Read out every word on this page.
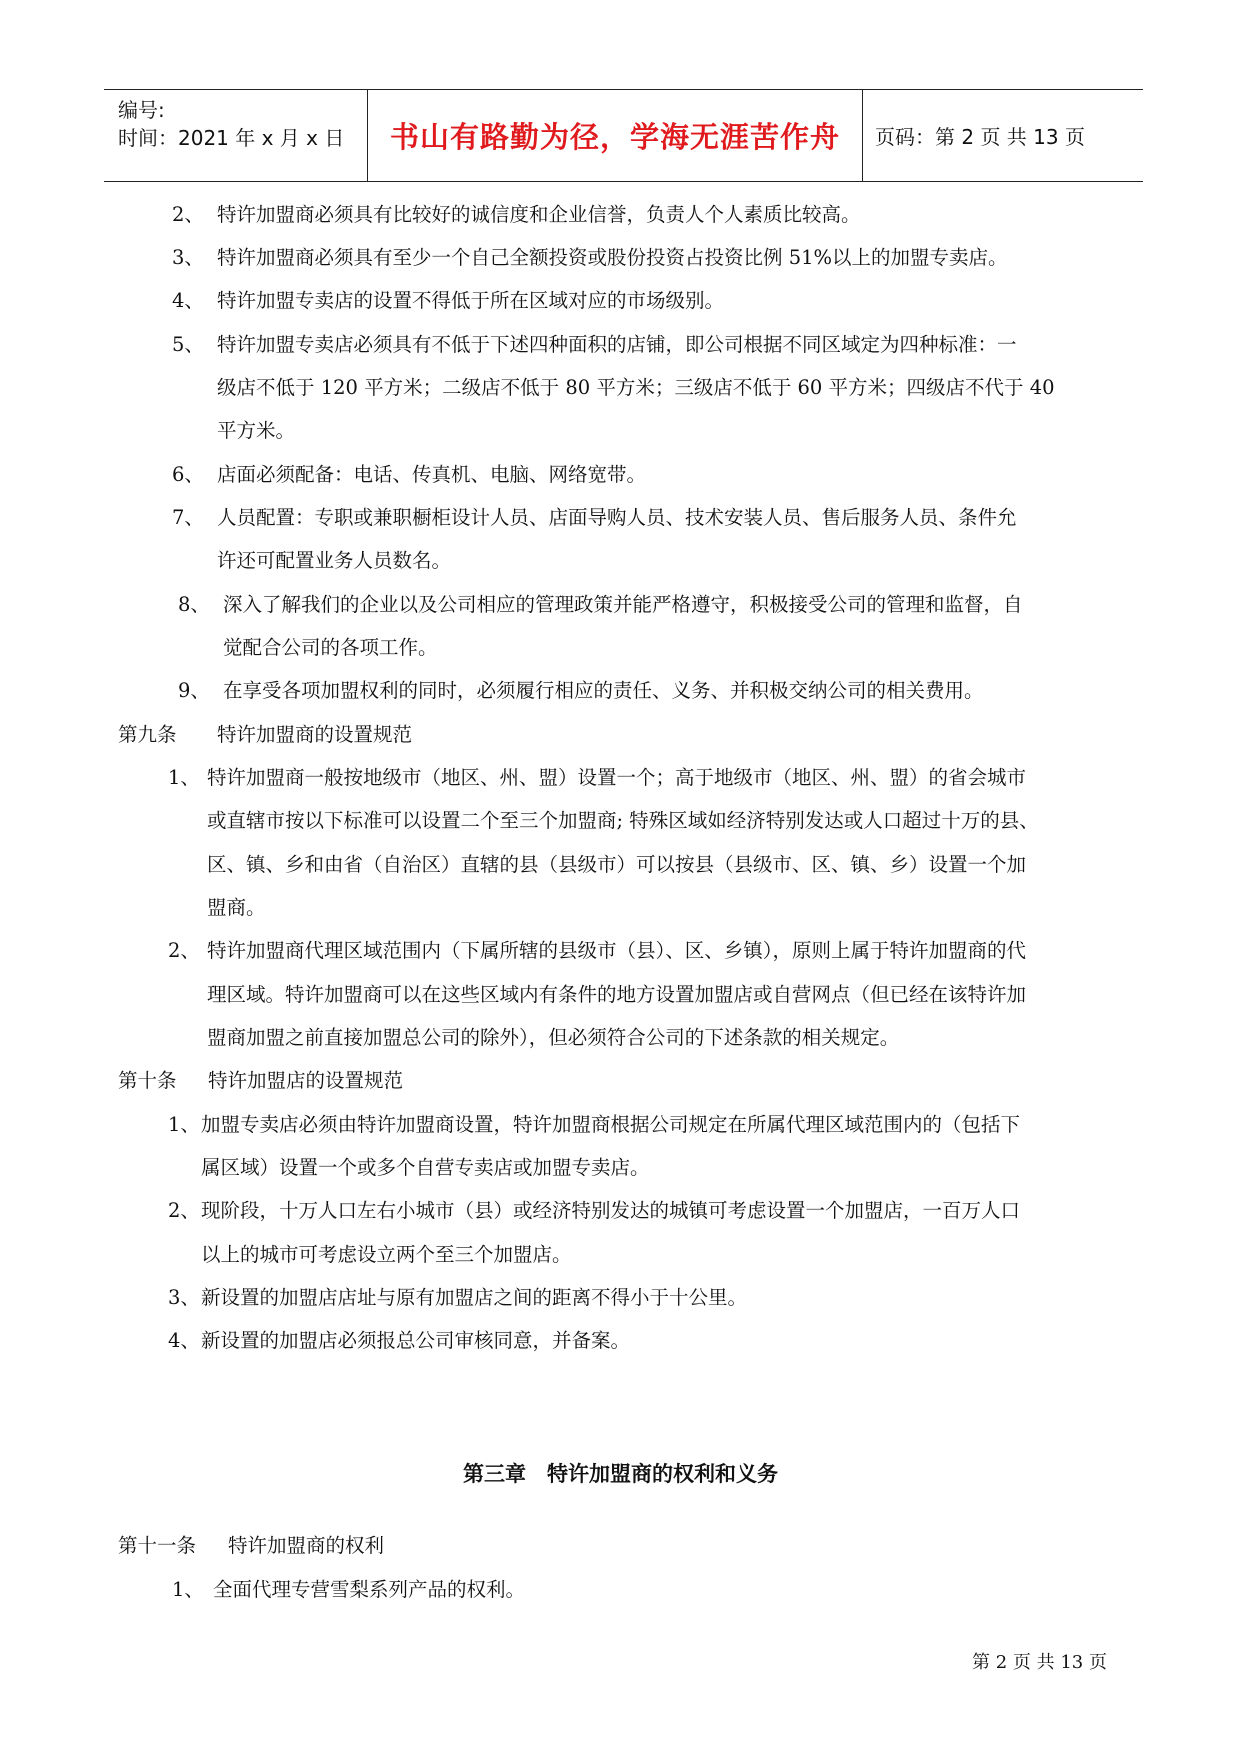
编号:
时间：2021 年 x 月 x 日	书山有路勤为径，学海无涯苦作舟	页码：第 2 页 共 13 页
2、 特许加盟商必须具有比较好的诚信度和企业信誉，负责人个人素质比较高。
3、 特许加盟商必须具有至少一个自己全额投资或股份投资占投资比例 51%以上的加盟专卖店。
4、 特许加盟专卖店的设置不得低于所在区域对应的市场级别。
5、 特许加盟专卖店必须具有不低于下述四种面积的店铺，即公司根据不同区域定为四种标准：一
级店不低于 120 平方米；二级店不低于 80 平方米；三级店不低于 60 平方米；四级店不代于 40
平方米。
6、 店面必须配备：电话、传真机、电脑、网络宽带。
7、 人员配置：专职或兼职橱柜设计人员、店面导购人员、技术安装人员、售后服务人员、条件允
许还可配置业务人员数名。
8、 深入了解我们的企业以及公司相应的管理政策并能严格遵守，积极接受公司的管理和监督，自
觉配合公司的各项工作。
9、 在享受各项加盟权利的同时，必须履行相应的责任、义务、并积极交纳公司的相关费用。
第九条 特许加盟商的设置规范
1、 特许加盟商一般按地级市（地区、州、盟）设置一个；高于地级市（地区、州、盟）的省会城市
或直辖市按以下标准可以设置二个至三个加盟商; 特殊区域如经济特别发达或人口超过十万的县、
区、镇、乡和由省（自治区）直辖的县（县级市）可以按县（县级市、区、镇、乡）设置一个加
盟商。
2、 特许加盟商代理区域范围内（下属所辖的县级市（县）、区、乡镇），原则上属于特许加盟商的代
理区域。特许加盟商可以在这些区域内有条件的地方设置加盟店或自营网点（但已经在该特许加
盟商加盟之前直接加盟总公司的除外），但必须符合公司的下述条款的相关规定。
第十条 特许加盟店的设置规范
1、 加盟专卖店必须由特许加盟商设置，特许加盟商根据公司规定在所属代理区域范围内的（包括下
属区域）设置一个或多个自营专卖店或加盟专卖店。
2、 现阶段，十万人口左右小城市（县）或经济特别发达的城镇可考虑设置一个加盟店，一百万人口
以上的城市可考虑设立两个至三个加盟店。
3、 新设置的加盟店店址与原有加盟店之间的距离不得小于十公里。
4、 新设置的加盟店必须报总公司审核同意，并备案。
第十一条 特许加盟商的权利
1、 全面代理专营雪梨系列产品的权利。
第三章　特许加盟商的权利和义务
第 2 页 共 13 页
